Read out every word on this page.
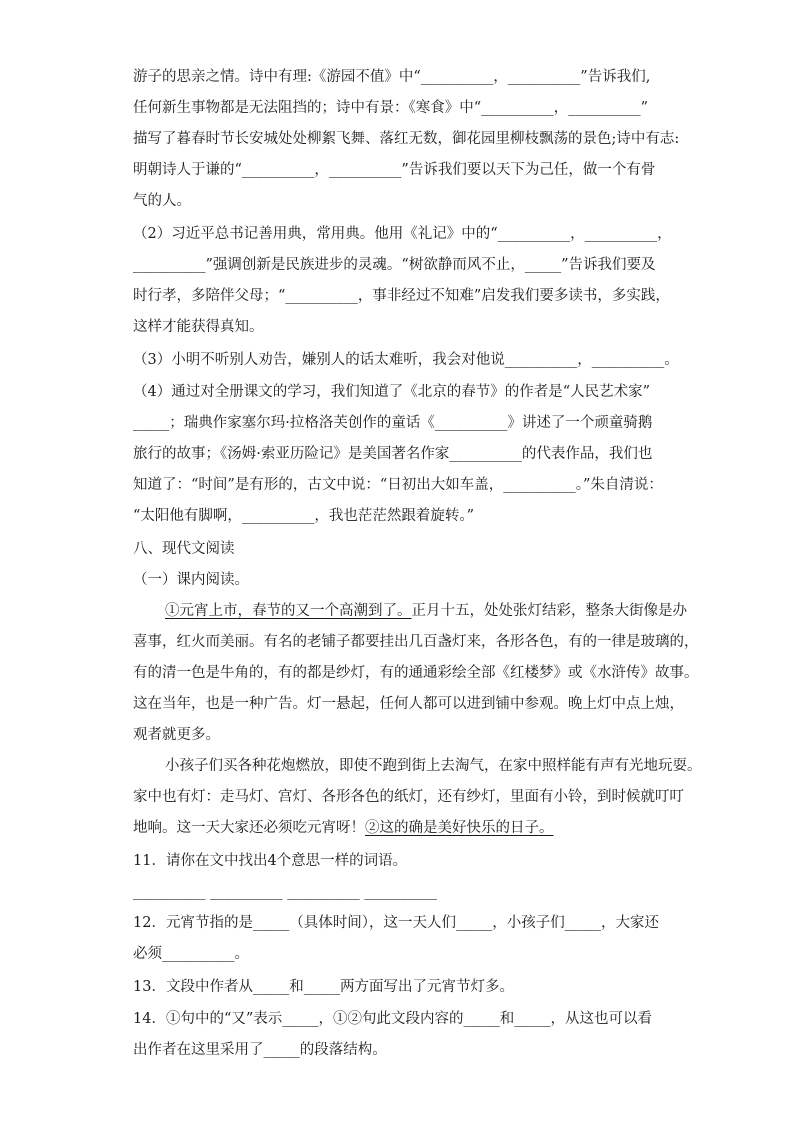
游子的思亲之情。诗中有理:《游园不值》中“__________，__________”告诉我们,
任何新生事物都是无法阻挡的；诗中有景：《寒食》中“__________，__________”
描写了暮春时节长安城处处柳絮飞舞、落红无数，御花园里柳枝飘荡的景色;诗中有志:
明朝诗人于谦的“__________，__________”告诉我们要以天下为己任，做一个有骨
气的人。
（2）习近平总书记善用典，常用典。他用《礼记》中的“__________，__________，
__________”强调创新是民族进步的灵魂。“树欲静而风不止，_____”告诉我们要及
时行孝，多陪伴父母；“__________，事非经过不知难”启发我们要多读书，多实践，
这样才能获得真知。
（3）小明不听别人劝告，嫌别人的话太难听，我会对他说__________，__________。
（4）通过对全册课文的学习，我们知道了《北京的春节》的作者是“人民艺术家”
_____；瑞典作家塞尔玛·拉格洛芙创作的童话《__________》讲述了一个顽童骑鹅
旅行的故事；《汤姆·索亚历险记》是美国著名作家__________的代表作品，我们也
知道了：“时间”是有形的，古文中说：“日初出大如车盖，__________。”朱自清说：
“太阳他有脚啊，__________，我也茫茫然跟着旋转。”
八、现代文阅读
（一）课内阅读。
①元宵上市，春节的又一个高潮到了。正月十五，处处张灯结彩，整条大街像是办
喜事，红火而美丽。有名的老铺子都要挂出几百盏灯来，各形各色，有的一律是玻璃的，
有的清一色是牛角的，有的都是纱灯，有的通通彩绘全部《红楼梦》或《水浒传》故事。
这在当年，也是一种广告。灯一悬起，任何人都可以进到铺中参观。晚上灯中点上烛，
观者就更多。
小孩子们买各种花炮燃放，即使不跑到街上去淘气，在家中照样能有声有光地玩耍。
家中也有灯：走马灯、宫灯、各形各色的纸灯，还有纱灯，里面有小铃，到时候就叮叮
地响。这一天大家还必须吃元宵呀！②这的确是美好快乐的日子。
11．请你在文中找出4个意思一样的词语。
__________ __________ __________ __________
12．元宵节指的是_____（具体时间），这一天人们_____，小孩子们_____，大家还
必须__________。
13．文段中作者从_____和_____两方面写出了元宵节灯多。
14．①句中的“又”表示_____，①②句此文段内容的_____和_____，从这也可以看
出作者在这里采用了_____的段落结构。
